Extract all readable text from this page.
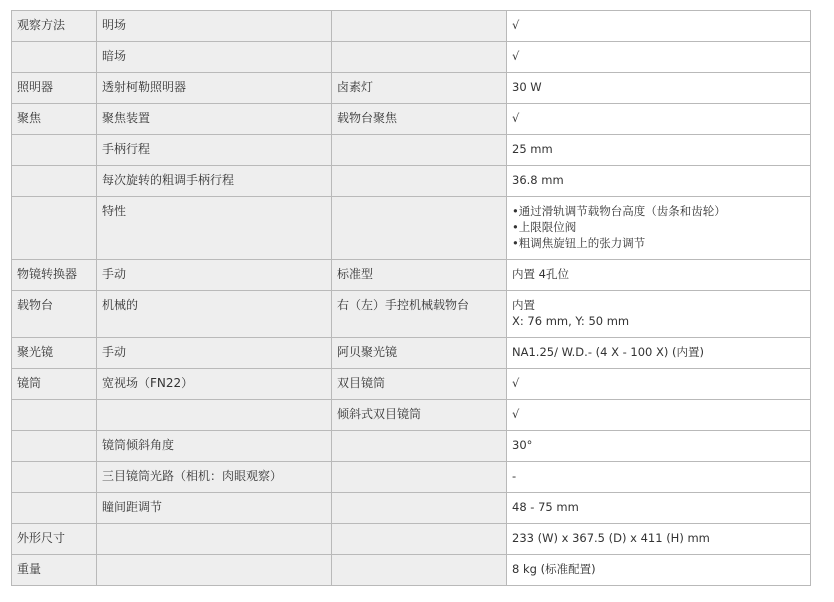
观察方法	明场		√

	暗场		√

照明器	透射柯勒照明器	卤素灯	30 W

聚焦	聚焦装置	载物台聚焦	√

	手柄行程		25 mm

	每次旋转的粗调手柄行程		36.8 mm

	特性		•通过滑轨调节载物台高度（齿条和齿轮）
•上限限位阀
•粗调焦旋钮上的张力调节

物镜转换器	手动	标准型	内置 4孔位

载物台	机械的	右（左）手控机械载物台	内置
X: 76 mm, Y: 50 mm

聚光镜	手动	阿贝聚光镜	NA1.25/ W.D.- (4 X - 100 X) (内置)

镜筒	宽视场（FN22）	双目镜筒	√

		倾斜式双目镜筒	√

	镜筒倾斜角度		30°

	三目镜筒光路（相机：肉眼观察）		-

	瞳间距调节		48 - 75 mm

外形尺寸			233 (W) x 367.5 (D) x 411 (H) mm

重量			8 kg (标准配置)
